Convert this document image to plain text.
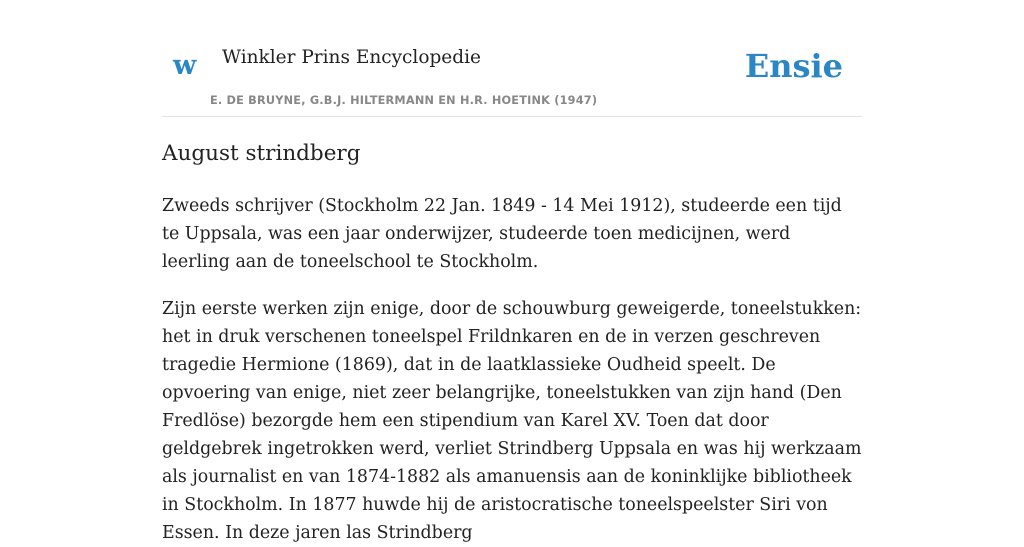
w Winkler Prins Encyclopedie
E. DE BRUYNE, G.B.J. HILTERMANN EN H.R. HOETINK (1947)
Ensie
August strindberg

Zweeds schrijver (Stockholm 22 Jan. 1849 - 14 Mei 1912), studeerde een tijd te Uppsala, was een jaar onderwijzer, studeerde toen medicijnen, werd leerling aan de toneelschool te Stockholm.

Zijn eerste werken zijn enige, door de schouwburg geweigerde, toneelstukken: het in druk verschenen toneelspel Frildnkaren en de in verzen geschreven tragedie Hermione (1869), dat in de laatklassieke Oudheid speelt. De opvoering van enige, niet zeer belangrijke, toneelstukken van zijn hand (Den Fredlöse) bezorgde hem een stipendium van Karel XV. Toen dat door geldgebrek ingetrokken werd, verliet Strindberg Uppsala en was hij werkzaam als journalist en van 1874-1882 als amanuensis aan de koninklijke bibliotheek in Stockholm. In 1877 huwde hij de aristocratische toneelspeelster Siri von Essen. In deze jaren las Strindberg
